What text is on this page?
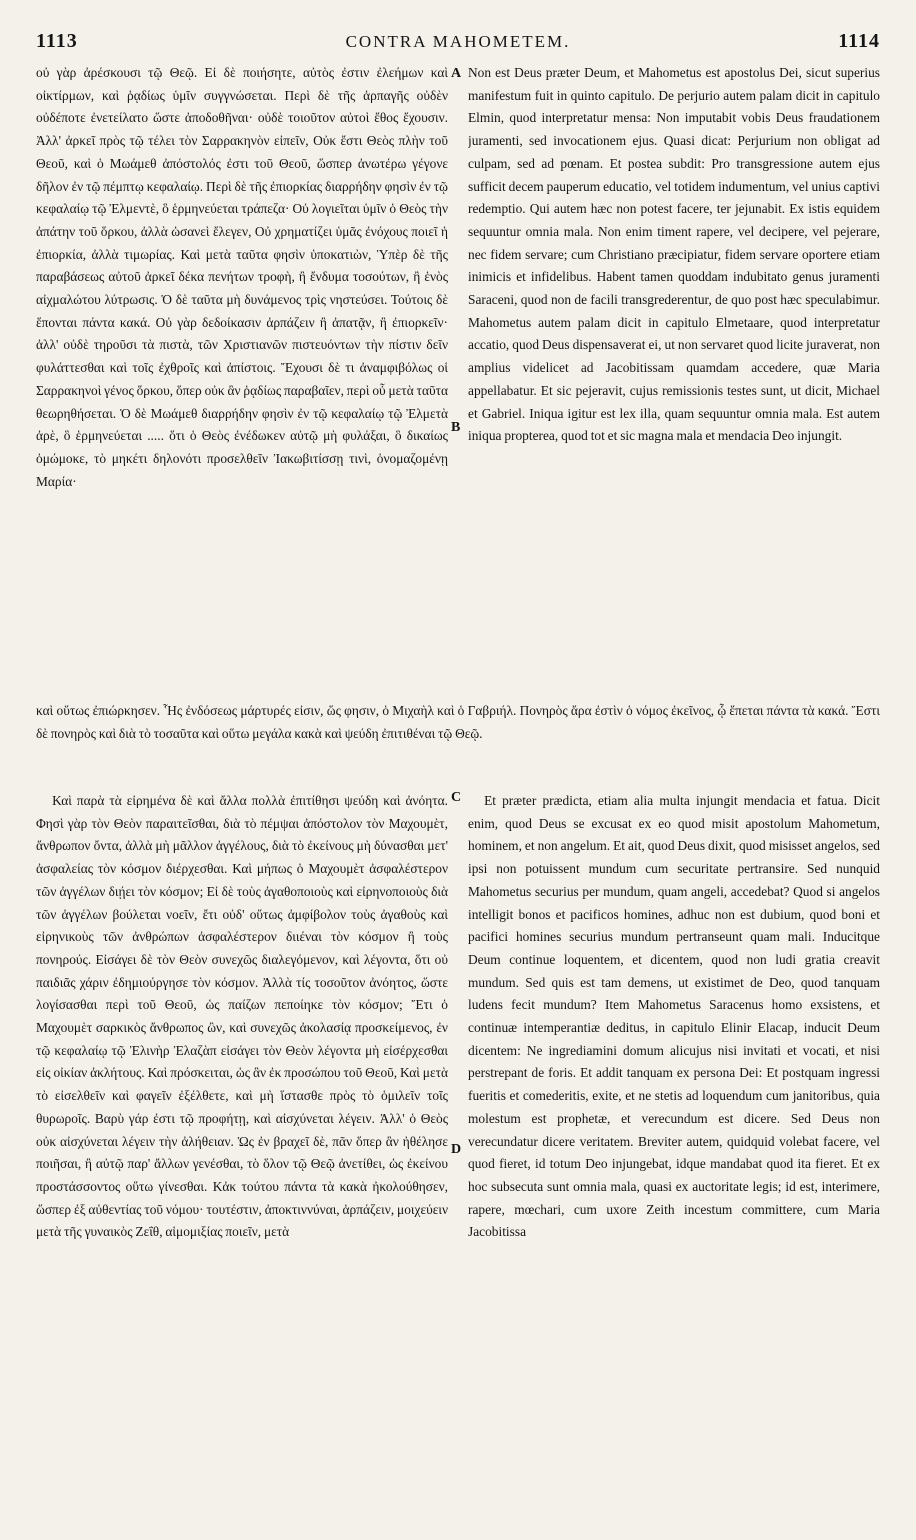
1113	CONTRA MAHOMETEM.	1114
A
B
C
D

οὐ γὰρ ἀρέσκουσι τῷ Θεῷ. Εἰ δὲ ποιήσητε, αὐτὸς ἐστιν ἐλεήμων καὶ οἰκτίρμων, καὶ ῥᾳδίως ὑμῖν συγγνώσεται. Περὶ δὲ τῆς ἁρπαγῆς οὐδὲν οὐδέποτε ἐνετείλατο ὥστε ἀποδοθῆναι· οὐδὲ τοιοῦτον αὐτοὶ ἔθος ἔχουσιν. Ἀλλ' ἀρκεῖ πρὸς τῷ τέλει τὸν Σαρρακηνὸν εἰπεῖν, Οὐκ ἔστι Θεὸς πλὴν τοῦ Θεοῦ, καὶ ὁ Μωάμεθ ἀπόστολός ἐστι τοῦ Θεοῦ, ὥσπερ ἀνωτέρω γέγονε δῆλον ἐν τῷ πέμπτῳ κεφαλαίῳ. Περὶ δὲ τῆς ἐπιορκίας διαρρήδην φησὶν ἐν τῷ κεφαλαίῳ τῷ Ἐλμεντὲ, ὃ ἑρμηνεύεται τράπεζα· Οὐ λογιεῖται ὑμῖν ὁ Θεὸς τὴν ἀπάτην τοῦ ὅρκου, ἀλλὰ ὡσανεὶ ἔλεγεν, Οὐ χρηματίζει ὑμᾶς ἐνόχους ποιεῖ ἡ ἐπιορκία, ἀλλὰ τιμωρίας. Καὶ μετὰ ταῦτα φησὶν ὑποκατιὼν, Ὑπὲρ δὲ τῆς παραβάσεως αὐτοῦ ἀρκεῖ δέκα πενήτων τροφὴ, ἢ ἔνδυμα τοσούτων, ἢ ἑνὸς αἰχμαλώτου λύτρωσις. Ὁ δὲ ταῦτα μὴ δυνάμενος τρὶς νηστεύσει. Τούτοις δὲ ἕπονται πάντα κακά. Οὐ γὰρ δεδοίκασιν ἁρπάζειν ἢ ἀπατᾷν, ἢ ἐπιορκεῖν· ἀλλ' οὐδὲ τηροῦσι τὰ πιστὰ, τῶν Χριστιανῶν πιστευόντων τὴν πίστιν δεῖν φυλάττεσθαι καὶ τοῖς ἐχθροῖς καὶ ἀπίστοις. Ἔχουσι δὲ τι ἀναμφιβόλως οἱ Σαρρακηνοὶ γένος ὅρκου, ὅπερ οὐκ ἂν ῥᾳδίως παραβαῖεν, περὶ οὗ μετὰ ταῦτα θεωρηθήσεται. Ὁ δὲ Μωάμεθ διαρρήδην φησὶν ἐν τῷ κεφαλαίῳ τῷ Ἐλμετὰ ἀρὲ, ὃ ἑρμηνεύεται ..... ὅτι ὁ Θεὸς ἐνέδωκεν αὐτῷ μὴ φυλάξαι, ὃ δικαίως ὀμώμοκε, τὸ μηκέτι δηλονότι προσελθεῖν Ἰακωβιτίσσῃ τινὶ, ὀνομαζομένῃ Μαρία·

Non est Deus præter Deum, et Mahometus est apostolus Dei, sicut superius manifestum fuit in quinto capitulo. De perjurio autem palam dicit in capitulo Elmin, quod interpretatur mensa: Non imputabit vobis Deus fraudationem juramenti, sed invocationem ejus. Quasi dicat: Perjurium non obligat ad culpam, sed ad pœnam. Et postea subdit: Pro transgressione autem ejus sufficit decem pauperum educatio, vel totidem indumentum, vel unius captivi redemptio. Qui autem hæc non potest facere, ter jejunabit. Ex istis equidem sequuntur omnia mala. Non enim timent rapere, vel decipere, vel pejerare, nec fidem servare; cum Christiano præcipiatur, fidem servare oportere etiam inimicis et infidelibus. Habent tamen quoddam indubitato genus juramenti Saraceni, quod non de facili transgrederentur, de quo post hæc speculabimur. Mahometus autem palam dicit in capitulo Elmetaare, quod interpretatur accatio, quod Deus dispensaverat ei, ut non servaret quod licite juraverat, non amplius videlicet ad Jacobitissam quamdam accedere, quæ Maria appellabatur. Et sic pejeravit, cujus remissionis testes sunt, ut dicit, Michael et Gabriel. Iniqua igitur est lex illa, quam sequuntur omnia mala. Est autem iniqua propterea, quod tot et sic magna mala et mendacia Deo injungit.

καὶ οὕτως ἐπιώρκησεν. Ἧς ἐνδόσεως μάρτυρές εἰσιν, ὥς φησιν, ὁ Μιχαὴλ καὶ ὁ Γαβριήλ. Πονηρὸς ἄρα ἐστὶν ὁ νόμος ἐκεῖνος, ᾧ ἕπεται πάντα τὰ κακά. Ἔστι δὲ πονηρὸς καὶ διὰ τὸ τοσαῦτα καὶ οὕτω μεγάλα κακὰ καὶ ψεύδη ἐπιτιθέναι τῷ Θεῷ.

Καὶ παρὰ τὰ εἰρημένα δὲ καὶ ἄλλα πολλὰ ἐπιτίθησι ψεύδη καὶ ἀνόητα. Φησὶ γὰρ τὸν Θεὸν παραιτεῖσθαι, διὰ τὸ πέμψαι ἀπόστολον τὸν Μαχουμὲτ, ἄνθρωπον ὄντα, ἀλλὰ μὴ μᾶλλον ἀγγέλους, διὰ τὸ ἐκείνους μὴ δύνασθαι μετ' ἀσφαλείας τὸν κόσμον διέρχεσθαι. Καὶ μήπως ὁ Μαχουμὲτ ἀσφαλέστερον τῶν ἀγγέλων διῄει τὸν κόσμον; Εἰ δὲ τοὺς ἀγαθοποιοὺς καὶ εἰρηνοποιοὺς διὰ τῶν ἀγγέλων βούλεται νοεῖν, ἔτι οὐδ' οὕτως ἀμφίβολον τοὺς ἀγαθοὺς καὶ εἰρηνικοὺς τῶν ἀνθρώπων ἀσφαλέστερον διιέναι τὸν κόσμον ἢ τοὺς πονηρούς. Εἰσάγει δὲ τὸν Θεὸν συνεχῶς διαλεγόμενον, καὶ λέγοντα, ὅτι οὐ παιδιᾶς χάριν ἐδημιούργησε τὸν κόσμον. Ἀλλὰ τίς τοσοῦτον ἀνόητος, ὥστε λογίσασθαι περὶ τοῦ Θεοῦ, ὡς παίζων πεποίηκε τὸν κόσμον; Ἔτι ὁ Μαχουμὲτ σαρκικὸς ἄνθρωπος ὢν, καὶ συνεχῶς ἀκολασίᾳ προσκείμενος, ἐν τῷ κεφαλαίῳ τῷ Ἐλινὴρ Ἐλαζὰπ εἰσάγει τὸν Θεὸν λέγοντα μὴ εἰσέρχεσθαι εἰς οἰκίαν ἀκλήτους. Καὶ πρόσκειται, ὡς ἂν ἐκ προσώπου τοῦ Θεοῦ, Καὶ μετὰ τὸ εἰσελθεῖν καὶ φαγεῖν ἐξέλθετε, καὶ μὴ ἵστασθε πρὸς τὸ ὁμιλεῖν τοῖς θυρωροῖς. Βαρὺ γάρ ἐστι τῷ προφήτῃ, καὶ αἰσχύνεται λέγειν. Ἀλλ' ὁ Θεὸς οὐκ αἰσχύνεται λέγειν τὴν ἀλήθειαν. Ὡς ἐν βραχεῖ δὲ, πᾶν ὅπερ ἂν ἠθέλησε ποιῆσαι, ἢ αὐτῷ παρ' ἄλλων γενέσθαι, τὸ ὅλον τῷ Θεῷ ἀνετίθει, ὡς ἐκείνου προστάσσοντος οὕτω γίνεσθαι. Κἀκ τούτου πάντα τὰ κακὰ ἠκολούθησεν, ὥσπερ ἐξ αὐθεντίας τοῦ νόμου· τουτέστιν, ἀποκτιννύναι, ἁρπάζειν, μοιχεύειν μετὰ τῆς γυναικὸς Ζεΐθ, αἱμομιξίας ποιεῖν, μετὰ

Et præter prædicta, etiam alia multa injungit mendacia et fatua. Dicit enim, quod Deus se excusat ex eo quod misit apostolum Mahometum, hominem, et non angelum. Et ait, quod Deus dixit, quod misisset angelos, sed ipsi non potuissent mundum cum securitate pertransire. Sed nunquid Mahometus securius per mundum, quam angeli, accedebat? Quod si angelos intelligit bonos et pacificos homines, adhuc non est dubium, quod boni et pacifici homines securius mundum pertranseunt quam mali. Inducitque Deum continue loquentem, et dicentem, quod non ludi gratia creavit mundum. Sed quis est tam demens, ut existimet de Deo, quod tanquam ludens fecit mundum? Item Mahometus Saracenus homo exsistens, et continuæ intemperantiæ deditus, in capitulo Elinir Elacap, inducit Deum dicentem: Ne ingrediamini domum alicujus nisi invitati et vocati, et nisi perstrepant de foris. Et addit tanquam ex persona Dei: Et postquam ingressi fueritis et comederitis, exite, et ne stetis ad loquendum cum janitoribus, quia molestum est prophetæ, et verecundum est dicere. Sed Deus non verecundatur dicere veritatem. Breviter autem, quidquid volebat facere, vel quod fieret, id totum Deo injungebat, idque mandabat quod ita fieret. Et ex hoc subsecuta sunt omnia mala, quasi ex auctoritate legis; id est, interimere, rapere, mœchari, cum uxore Zeith incestum committere, cum Maria Jacobitissa
